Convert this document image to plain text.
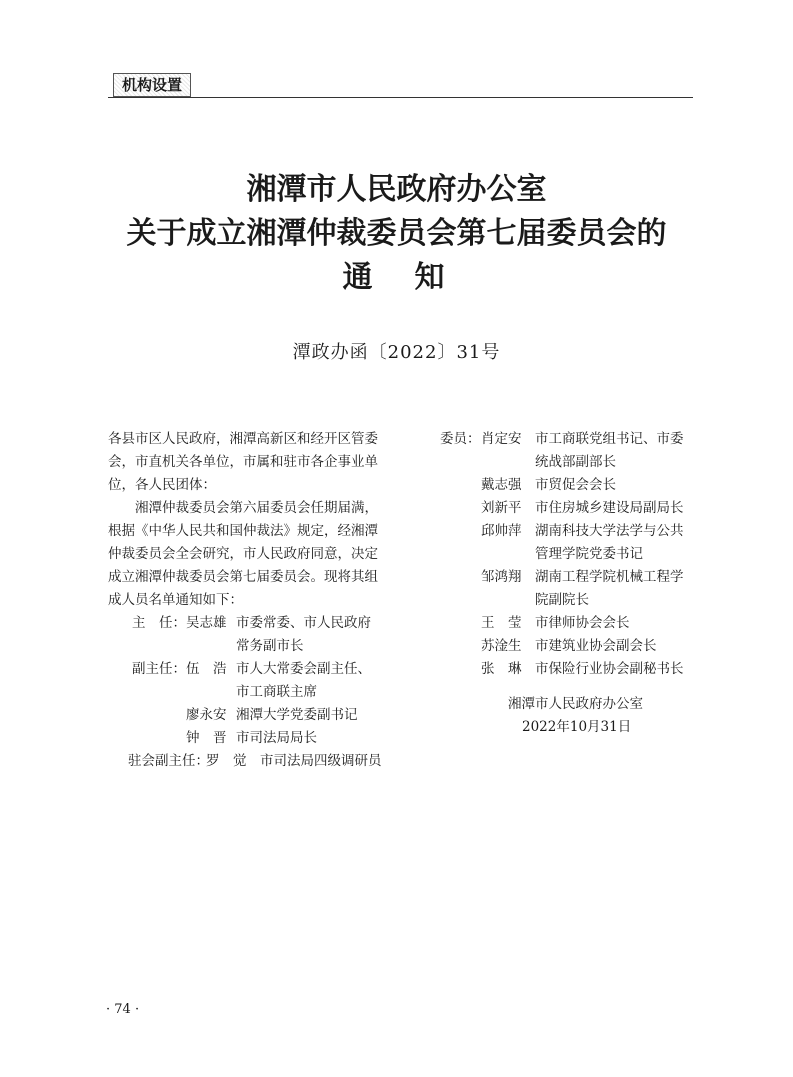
机构设置
湘潭市人民政府办公室
关于成立湘潭仲裁委员会第七届委员会的
通　知
潭政办函〔2022〕31号

各县市区人民政府，湘潭高新区和经开区管委会，市直机关各单位，市属和驻市各企事业单位，各人民团体：

湘潭仲裁委员会第六届委员会任期届满，根据《中华人民共和国仲裁法》规定，经湘潭仲裁委员会全会研究，市人民政府同意，决定成立湘潭仲裁委员会第七届委员会。现将其组成人员名单通知如下：

主　任： 吴志雄 市委常委、市人民政府
常务副市长
副主任： 伍　浩 市人大常委会副主任、
市工商联主席
廖永安 湘潭大学党委副书记
钟　晋 市司法局局长
驻会副主任：
罗　觉 市司法局四级调研员
委员： 肖定安 市工商联党组书记、市委
统战部副部长
戴志强 市贸促会会长
刘新平 市住房城乡建设局副局长
邱帅萍 湖南科技大学法学与公共
管理学院党委书记
邹鸿翔 湖南工程学院机械工程学
院副院长
王　莹 市律师协会会长
苏淦生 市建筑业协会副会长
张　琳 市保险行业协会副秘书长
湘潭市人民政府办公室
2022年10月31日
· 74 ·
